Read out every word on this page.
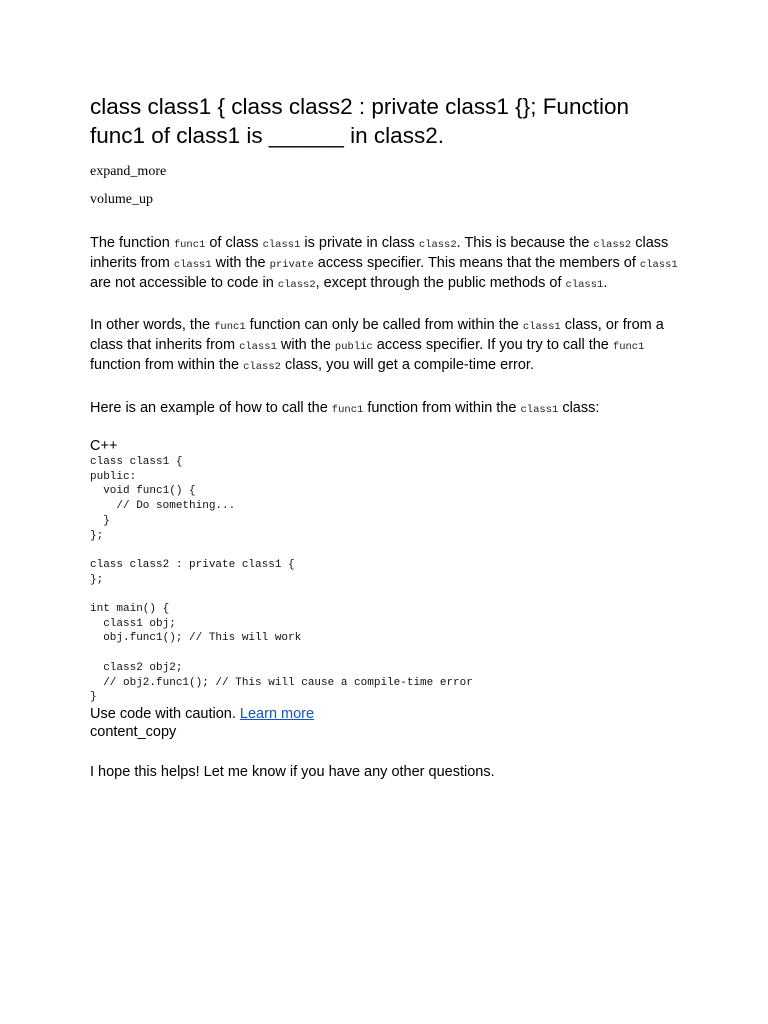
class class1 { class class2 : private class1 {}; Function func1 of class1 is ______ in class2.
expand_more
volume_up

The function func1 of class class1 is private in class class2. This is because the class2 class inherits from class1 with the private access specifier. This means that the members of class1 are not accessible to code in class2, except through the public methods of class1.

In other words, the func1 function can only be called from within the class1 class, or from a class that inherits from class1 with the public access specifier. If you try to call the func1 function from within the class2 class, you will get a compile-time error.

Here is an example of how to call the func1 function from within the class1 class:

C++
class class1 {
public:
void func1() {
// Do something...
}
};

class class2 : private class1 {
};

int main() {
class1 obj;
obj.func1(); // This will work

class2 obj2;
// obj2.func1(); // This will cause a compile-time error
}

Use code with caution. Learn more

content_copy

I hope this helps! Let me know if you have any other questions.
